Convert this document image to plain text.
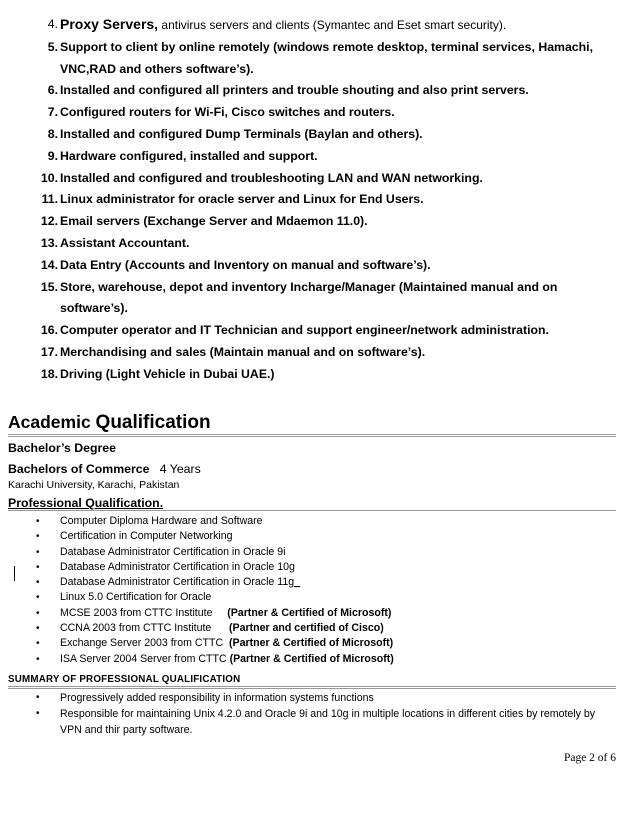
4. Proxy Servers, antivirus servers and clients (Symantec and Eset smart security).
5. Support to client by online remotely (windows remote desktop, terminal services, Hamachi,
VNC,RAD and others software’s).
6. Installed and configured all printers and trouble shouting and also print servers.
7. Configured routers for Wi-Fi, Cisco switches and routers.
8. Installed and configured Dump Terminals (Baylan and others).
9. Hardware configured, installed and support.
10. Installed and configured and troubleshooting LAN and WAN networking.
11. Linux administrator for oracle server and Linux for End Users.
12. Email servers (Exchange Server and Mdaemon 11.0).
13. Assistant Accountant.
14. Data Entry (Accounts and Inventory on manual and software’s).
15. Store, warehouse, depot and inventory Incharge/Manager (Maintained manual and on
software’s).
16. Computer operator and IT Technician and support engineer/network administration.
17. Merchandising and sales (Maintain manual and on software’s).
18. Driving (Light Vehicle in Dubai UAE.)
Academic Qualification
Bachelor’s Degree
Bachelors of Commerce 4 Years
Karachi University, Karachi, Pakistan
Professional Qualification.
•	Computer Diploma Hardware and Software
•	Certification in Computer Networking
•	Database Administrator Certification in Oracle 9i
•	Database Administrator Certification in Oracle 10g
•	Database Administrator Certification in Oracle 11g_
•	Linux 5.0 Certification for Oracle
•	MCSE 2003 from CTTC Institute     (Partner & Certified of Microsoft)
•	CCNA 2003 from CTTC Institute      (Partner and certified of Cisco)
•	Exchange Server 2003 from CTTC  (Partner & Certified of Microsoft)
•	ISA Server 2004 Server from CTTC (Partner & Certified of Microsoft)
SUMMARY OF PROFESSIONAL QUALIFICATION
•	Progressively added responsibility in information systems functions
•	Responsible for maintaining Unix 4.2.0 and Oracle 9i and 10g in multiple locations in different cities by remotely by VPN and thir party software.
Page 2 of 6
